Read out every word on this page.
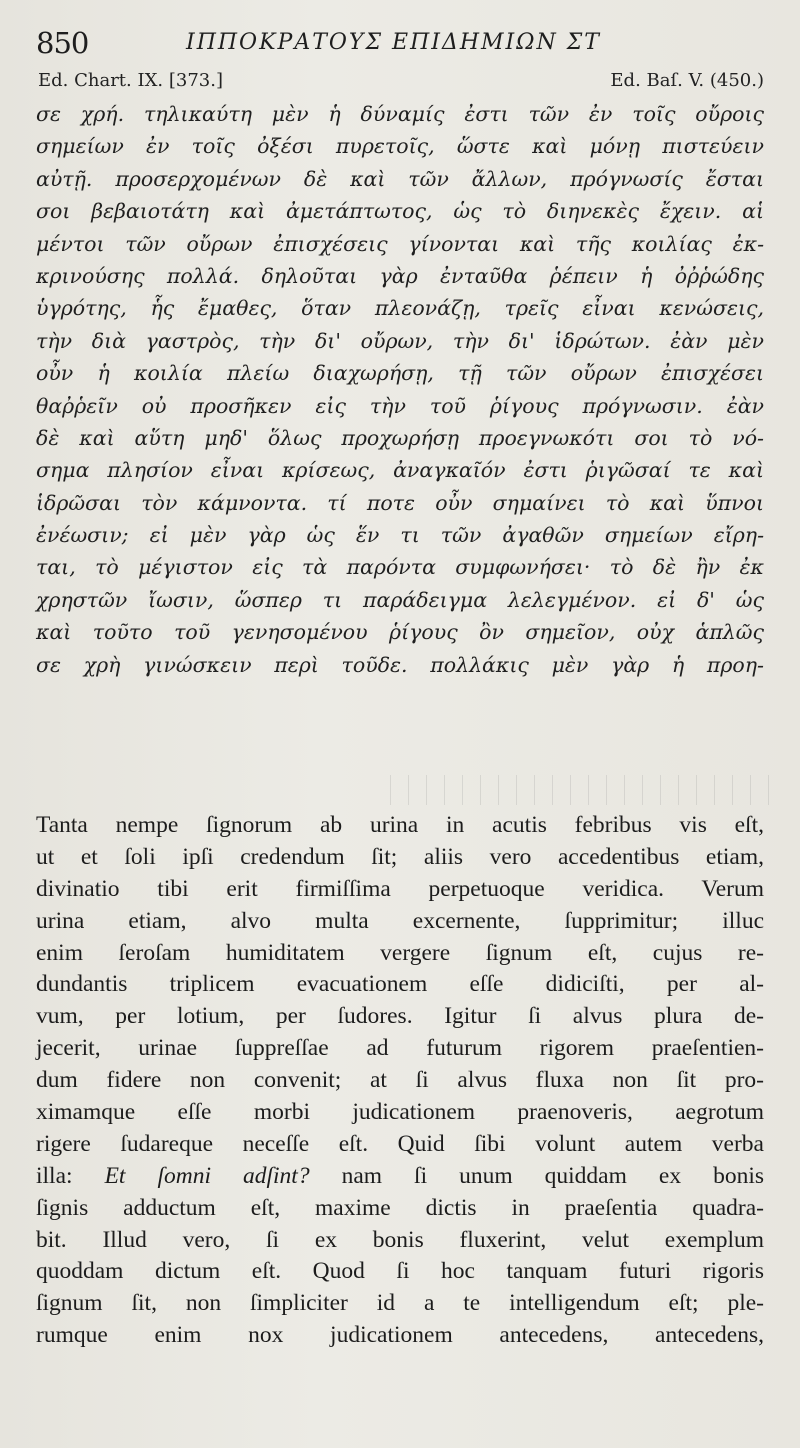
850	ΙΠΠΟΚΡΑΤΟΥΣ ΕΠΙΔΗΜΙΩΝ ΣΤ
Ed. Chart. IX. [373.]	Ed. Baſ. V. (450.)
σε χρή. τηλικαύτη μὲν ἡ δύναμίς ἐστι τῶν ἐν τοῖς οὔροις
σημείων ἐν τοῖς ὀξέσι πυρετοῖς, ὥστε καὶ μόνῃ πιστεύειν
αὐτῇ. προσερχομένων δὲ καὶ τῶν ἄλλων, πρόγνωσίς ἔσται
σοι βεβαιοτάτη καὶ ἀμετάπτωτος, ὡς τὸ διηνεκὲς ἔχειν. αἱ
μέντοι τῶν οὔρων ἐπισχέσεις γίνονται καὶ τῆς κοιλίας ἐκ-
κρινούσης πολλά. δηλοῦται γὰρ ἐνταῦθα ῥέπειν ἡ ὀῤῥώδης
ὑγρότης, ἧς ἔμαθες, ὅταν πλεονάζῃ, τρεῖς εἶναι κενώσεις,
τὴν διὰ γαστρὸς, τὴν δι' οὔρων, τὴν δι' ἱδρώτων. ἐὰν μὲν
οὖν ἡ κοιλία πλείω διαχωρήσῃ, τῇ τῶν οὔρων ἐπισχέσει
θαῤῥεῖν οὐ προσῆκεν εἰς τὴν τοῦ ῥίγους πρόγνωσιν. ἐὰν
δὲ καὶ αὕτη μηδ' ὅλως προχωρήσῃ προεγνωκότι σοι τὸ νό-
σημα πλησίον εἶναι κρίσεως, ἀναγκαῖόν ἐστι ῥιγῶσαί τε καὶ
ἱδρῶσαι τὸν κάμνοντα. τί ποτε οὖν σημαίνει τὸ καὶ ὕπνοι
ἐνέωσιν; εἰ μὲν γὰρ ὡς ἕν τι τῶν ἀγαθῶν σημείων εἴρη-
ται, τὸ μέγιστον εἰς τὰ παρόντα συμφωνήσει· τὸ δὲ ἢν ἐκ
χρηστῶν ἴωσιν, ὥσπερ τι παράδειγμα λελεγμένον. εἰ δ' ὡς
καὶ τοῦτο τοῦ γενησομένου ῥίγους ὂν σημεῖον, οὐχ ἁπλῶς
σε χρὴ γινώσκειν περὶ τοῦδε. πολλάκις μὲν γὰρ ἡ προη-
Tanta nempe ſignorum ab urina in acutis febribus vis eſt,
ut et ſoli ipſi credendum ſit; aliis vero accedentibus etiam,
divinatio tibi erit firmiſſima perpetuoque veridica. Verum
urina etiam, alvo multa excernente, ſupprimitur; illuc
enim ſeroſam humiditatem vergere ſignum eſt, cujus re-
dundantis triplicem evacuationem eſſe didiciſti, per al-
vum, per lotium, per ſudores. Igitur ſi alvus plura de-
jecerit, urinae ſuppreſſae ad futurum rigorem praeſentien-
dum fidere non convenit; at ſi alvus fluxa non ſit pro-
ximamque eſſe morbi judicationem praenoveris, aegrotum
rigere ſudareque neceſſe eſt. Quid ſibi volunt autem verba
illa: Et ſomni adſint? nam ſi unum quiddam ex bonis
ſignis adductum eſt, maxime dictis in praeſentia quadra-
bit. Illud vero, ſi ex bonis fluxerint, velut exemplum
quoddam dictum eſt. Quod ſi hoc tanquam futuri rigoris
ſignum ſit, non ſimpliciter id a te intelligendum eſt; ple-
rumque enim nox judicationem antecedens, antecedens,
